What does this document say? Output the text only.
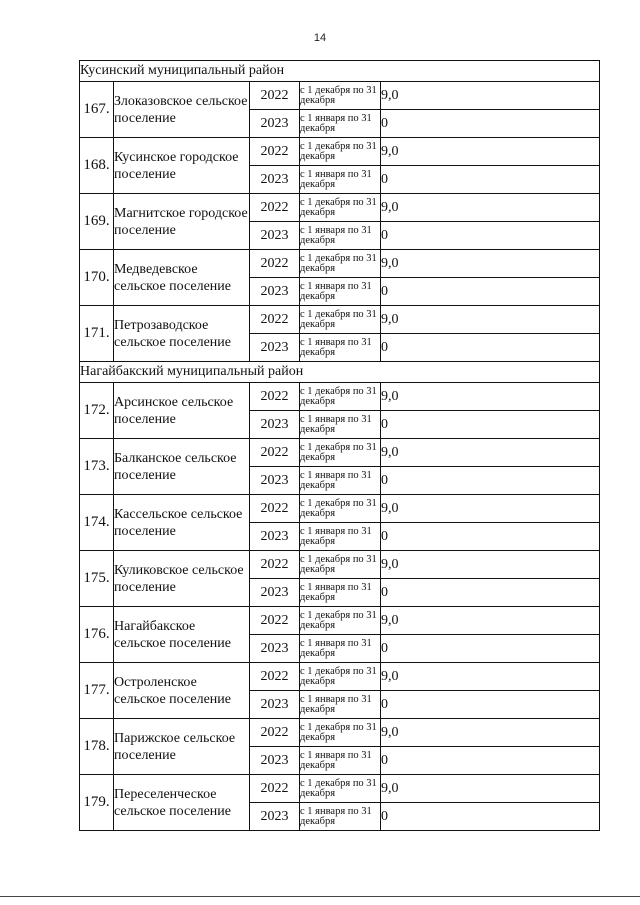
14
Кусинский муниципальный район				
167.	Злоказовское сельское поселение	2022	с 1 декабря по 31 декабря	9,0
		2023	с 1 января по 31 декабря	0
168.	Кусинское городское поселение	2022	с 1 декабря по 31 декабря	9,0
		2023	с 1 января по 31 декабря	0
169.	Магнитское городское поселение	2022	с 1 декабря по 31 декабря	9,0
		2023	с 1 января по 31 декабря	0
170.	Медведевское сельское поселение	2022	с 1 декабря по 31 декабря	9,0
		2023	с 1 января по 31 декабря	0
171.	Петрозаводское сельское поселение	2022	с 1 декабря по 31 декабря	9,0
		2023	с 1 января по 31 декабря	0
Нагайбакский муниципальный район				
172.	Арсинское сельское поселение	2022	с 1 декабря по 31 декабря	9,0
		2023	с 1 января по 31 декабря	0
173.	Балканское сельское поселение	2022	с 1 декабря по 31 декабря	9,0
		2023	с 1 января по 31 декабря	0
174.	Кассельское сельское поселение	2022	с 1 декабря по 31 декабря	9,0
		2023	с 1 января по 31 декабря	0
175.	Куликовское сельское поселение	2022	с 1 декабря по 31 декабря	9,0
		2023	с 1 января по 31 декабря	0
176.	Нагайбакское сельское поселение	2022	с 1 декабря по 31 декабря	9,0
		2023	с 1 января по 31 декабря	0
177.	Остроленское сельское поселение	2022	с 1 декабря по 31 декабря	9,0
		2023	с 1 января по 31 декабря	0
178.	Парижское сельское поселение	2022	с 1 декабря по 31 декабря	9,0
		2023	с 1 января по 31 декабря	0
179.	Переселенческое сельское поселение	2022	с 1 декабря по 31 декабря	9,0
		2023	с 1 января по 31 декабря	0
